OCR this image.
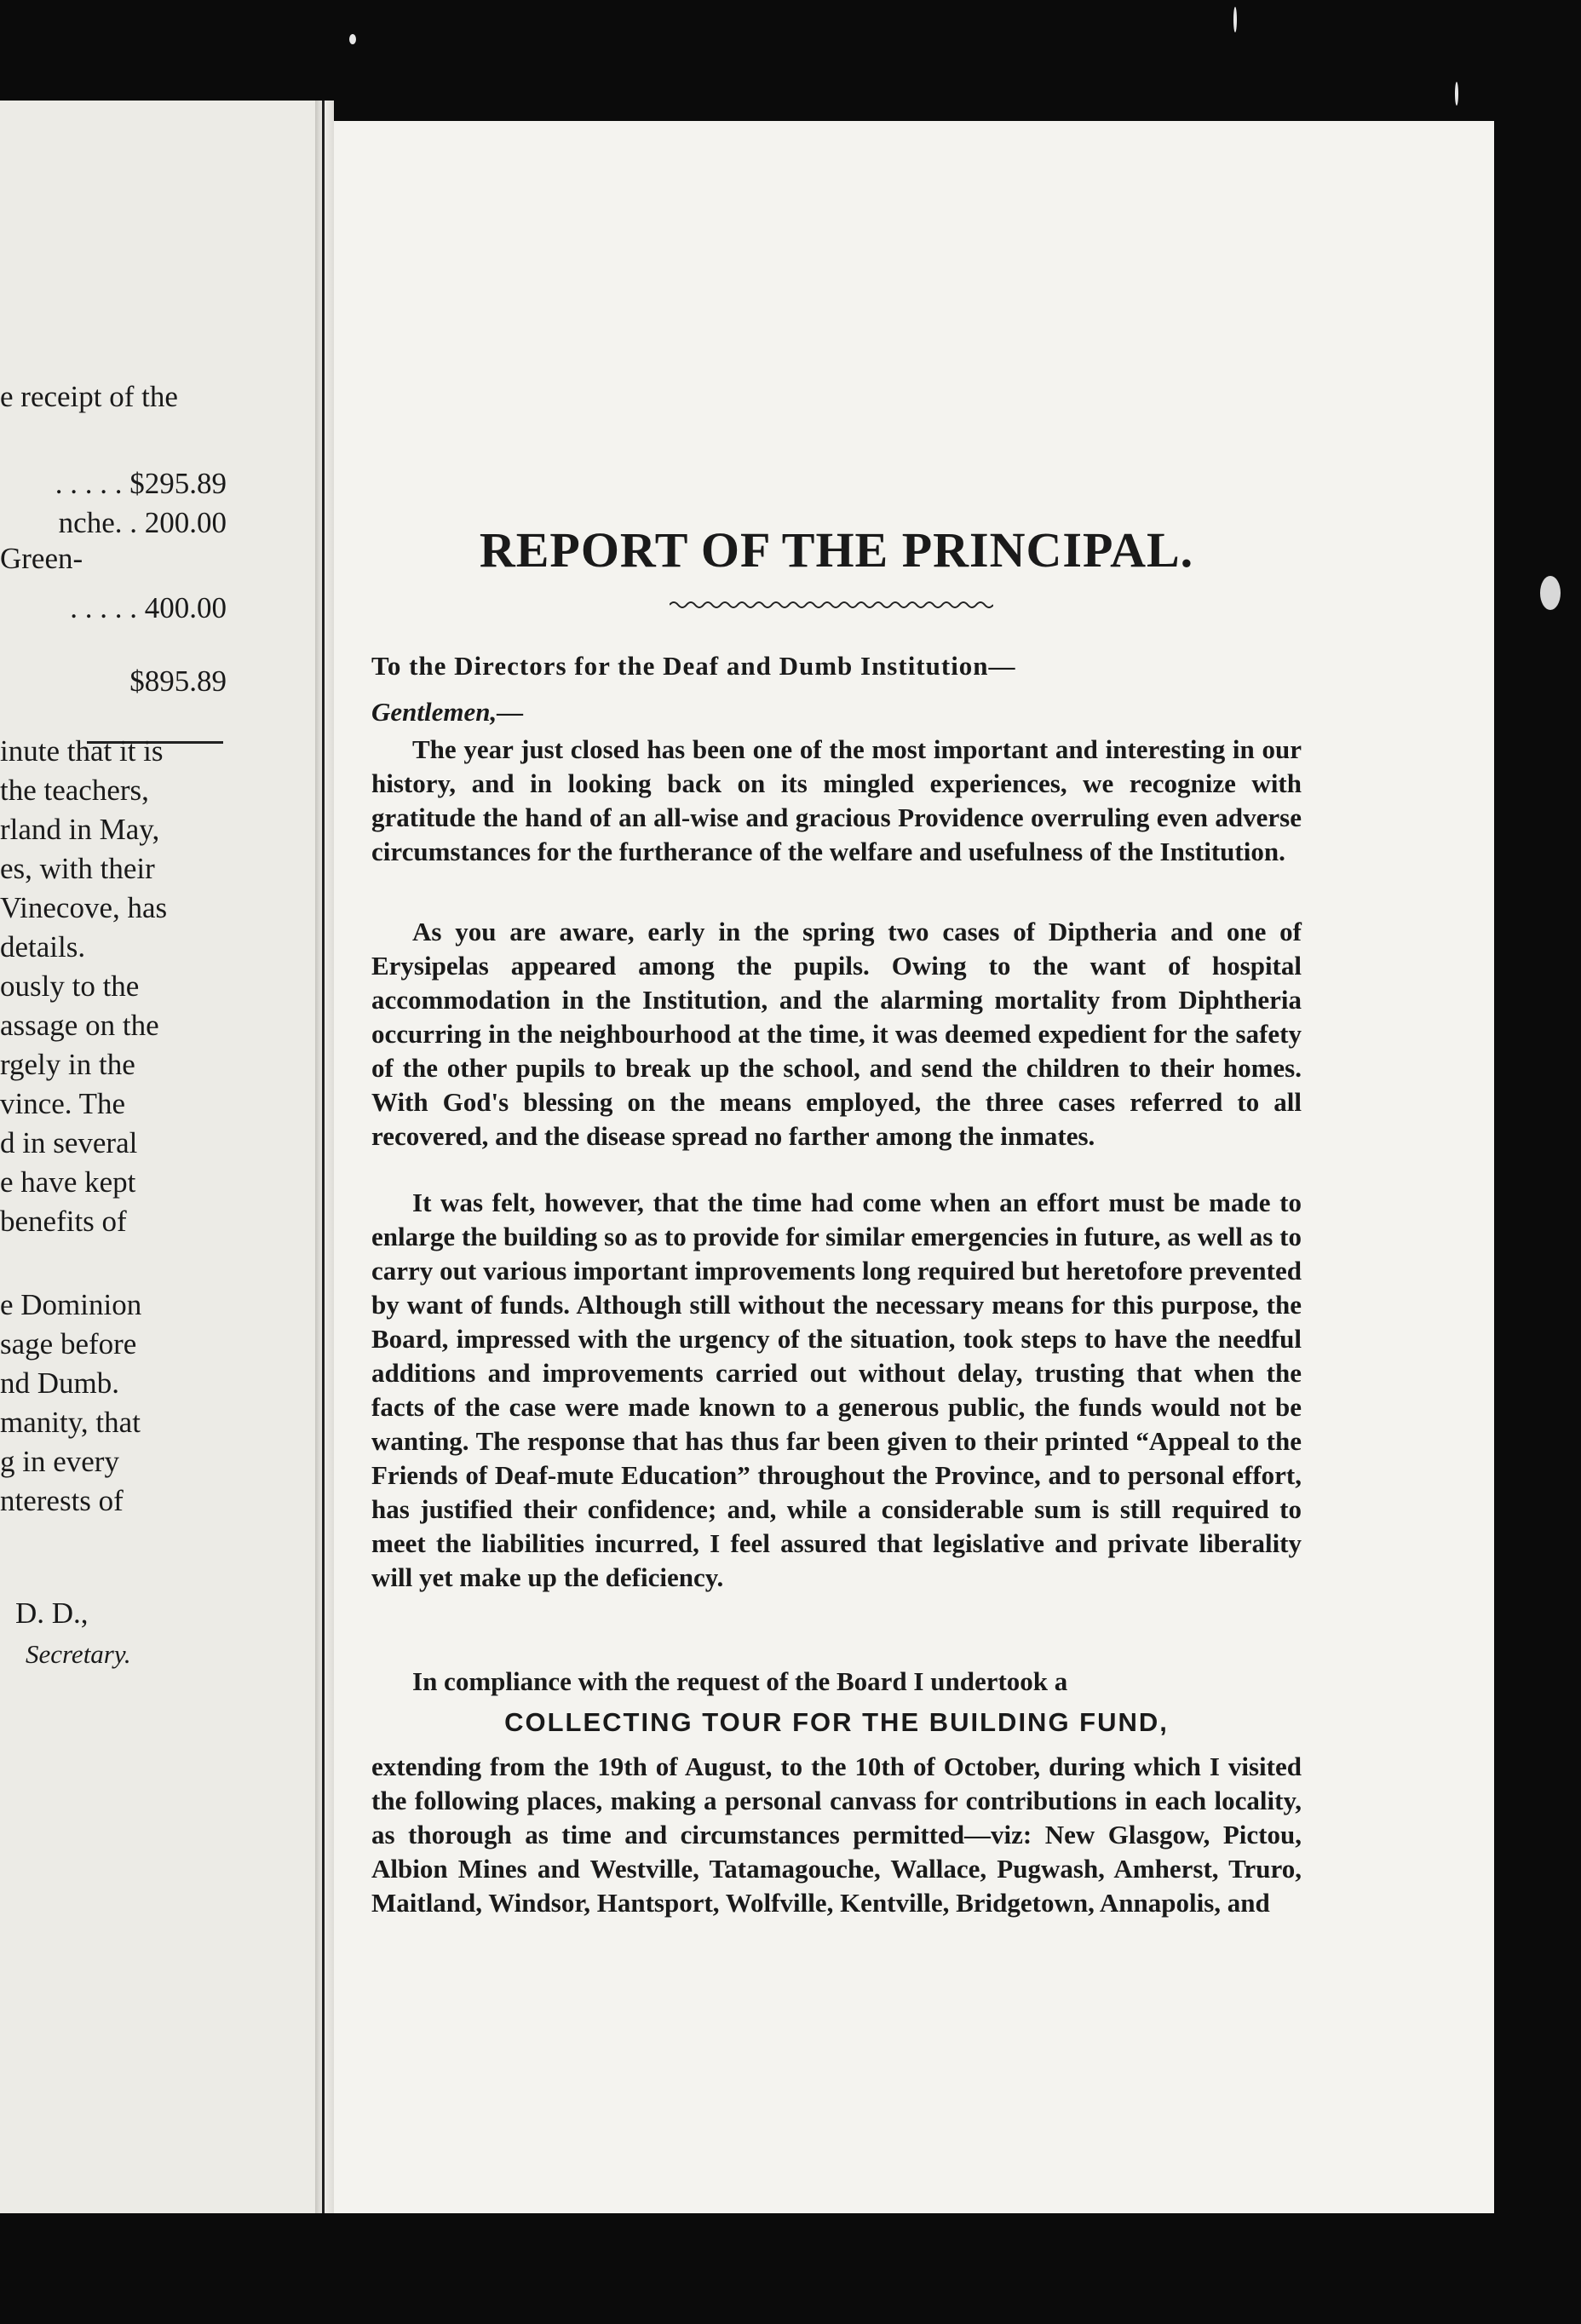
e receipt of the
. . . . . $295.89
nche. . 200.00
Green-
. . . . . 400.00
$895.89
inute that it is
the teachers,
rland in May,
es, with their
Vinecove, has
details.
ously to the
assage on the
rgely in the
vince. The
d in several
e have kept
benefits of
e Dominion
sage before
nd Dumb.
manity, that
g in every
nterests of
D. D.,
Secretary.
REPORT OF THE PRINCIPAL.
To the Directors for the Deaf and Dumb Institution—
Gentlemen,—

The year just closed has been one of the most important and interesting in our history, and in looking back on its mingled experiences, we recognize with gratitude the hand of an all-wise and gracious Providence overruling even adverse circumstances for the furtherance of the welfare and usefulness of the Institution.

As you are aware, early in the spring two cases of Diptheria and one of Erysipelas appeared among the pupils. Owing to the want of hospital accommodation in the Institution, and the alarming mortality from Diphtheria occurring in the neighbourhood at the time, it was deemed expedient for the safety of the other pupils to break up the school, and send the children to their homes. With God's blessing on the means employed, the three cases referred to all recovered, and the disease spread no farther among the inmates.

It was felt, however, that the time had come when an effort must be made to enlarge the building so as to provide for similar emergencies in future, as well as to carry out various important improvements long required but heretofore prevented by want of funds. Although still without the necessary means for this purpose, the Board, impressed with the urgency of the situation, took steps to have the needful additions and improvements carried out without delay, trusting that when the facts of the case were made known to a generous public, the funds would not be wanting. The response that has thus far been given to their printed “Appeal to the Friends of Deaf-mute Education” throughout the Province, and to personal effort, has justified their confidence; and, while a considerable sum is still required to meet the liabilities incurred, I feel assured that legislative and private liberality will yet make up the deficiency.

In compliance with the request of the Board I undertook a

COLLECTING TOUR FOR THE BUILDING FUND,

extending from the 19th of August, to the 10th of October, during which I visited the following places, making a personal canvass for contributions in each locality, as thorough as time and circumstances permitted—viz: New Glasgow, Pictou, Albion Mines and Westville, Tatamagouche, Wallace, Pugwash, Amherst, Truro, Maitland, Windsor, Hantsport, Wolfville, Kentville, Bridgetown, Annapolis, and
